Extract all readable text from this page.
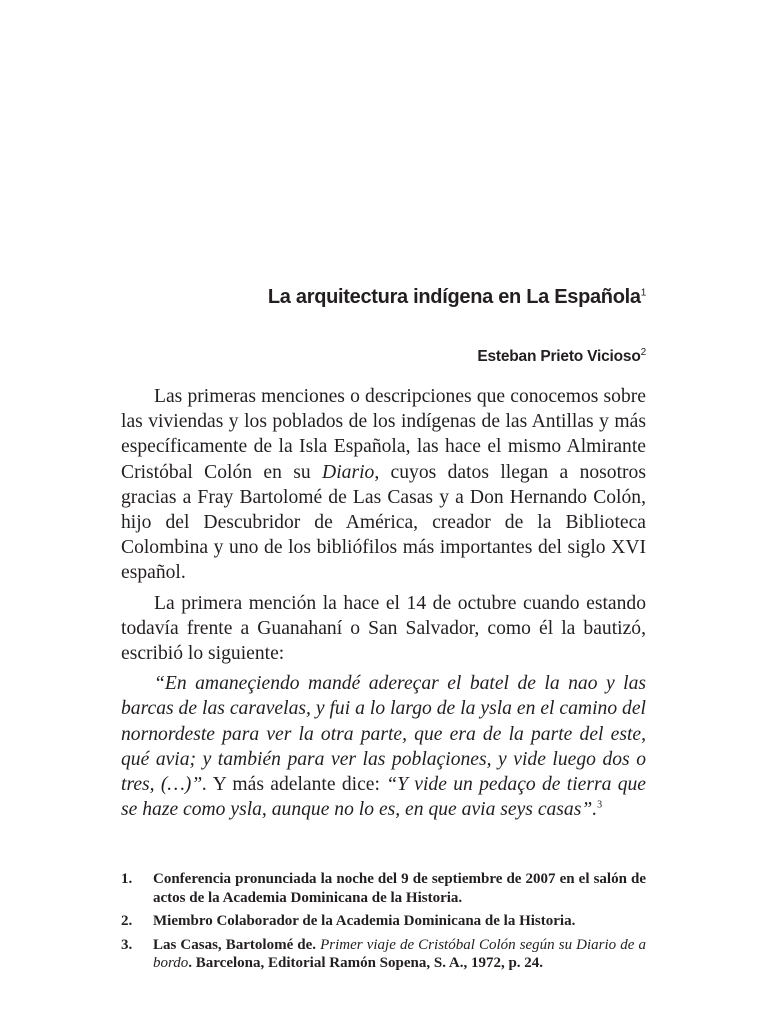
La arquitectura indígena en La Española$^1$
Esteban Prieto Vicioso$^2$

Las primeras menciones o descripciones que conocemos sobre las viviendas y los poblados de los indígenas de las Antillas y más específicamente de la Isla Española, las hace el mismo Almirante Cristóbal Colón en su Diario, cuyos datos llegan a nosotros gracias a Fray Bartolomé de Las Casas y a Don Hernando Colón, hijo del Descubridor de América, creador de la Biblioteca Colombina y uno de los bibliófilos más importantes del siglo XVI español.

La primera mención la hace el 14 de octubre cuando estando todavía frente a Guanahaní o San Salvador, como él la bautizó, escribió lo siguiente:

“En amaneçiendo mandé adereçar el batel de la nao y las barcas de las caravelas, y fui a lo largo de la ysla en el camino del nornordeste para ver la otra parte, que era de la parte del este, qué avia; y también para ver las poblaçiones, y vide luego dos o tres, (…)”. Y más adelante dice: “Y vide un pedaço de tierra que se haze como ysla, aunque no lo es, en que avia seys casas”.$^3$

1.	Conferencia pronunciada la noche del 9 de septiembre de 2007 en el salón de actos de la Academia Dominicana de la Historia.
2.	Miembro Colaborador de la Academia Dominicana de la Historia.
3.	Las Casas, Bartolomé de. Primer viaje de Cristóbal Colón según su Diario de a bordo. Barcelona, Editorial Ramón Sopena, S. A., 1972, p. 24.
